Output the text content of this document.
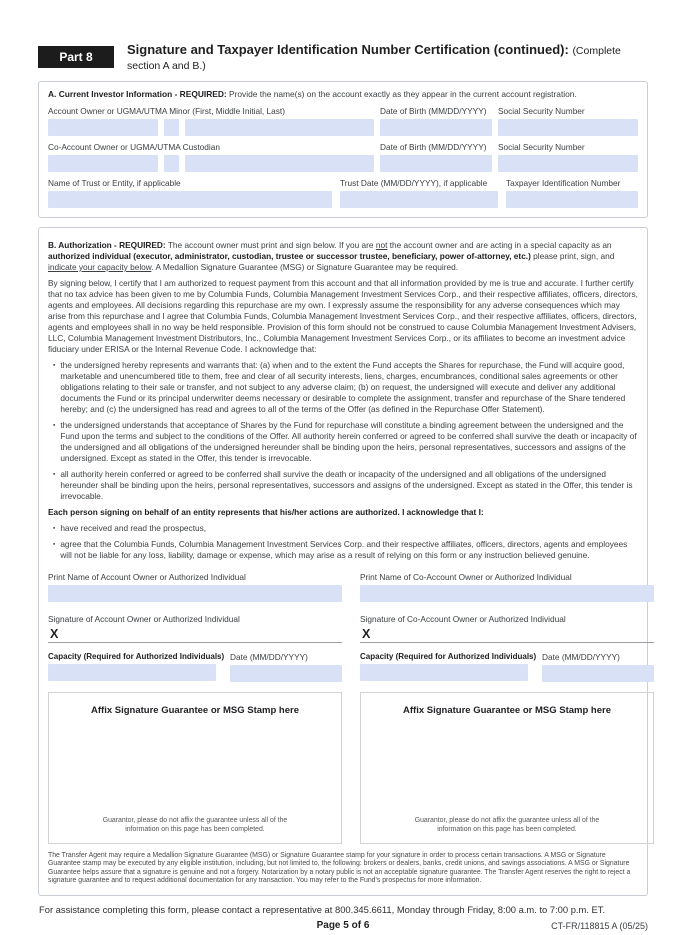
Part 8	Signature and Taxpayer Identification Number Certification (continued): (Complete section A and B.)

A. Current Investor Information - REQUIRED: Provide the name(s) on the account exactly as they appear in the current account registration.

Account Owner or UGMA/UTMA Minor (First, Middle Initial, Last)	Date of Birth (MM/DD/YYYY)	Social Security Number
Co-Account Owner or UGMA/UTMA Custodian	Date of Birth (MM/DD/YYYY)	Social Security Number
Name of Trust or Entity, if applicable	Trust Date (MM/DD/YYYY), if applicable	Taxpayer Identification Number

B. Authorization - REQUIRED: The account owner must print and sign below. If you are not the account owner and are acting in a special capacity as an authorized individual (executor, administrator, custodian, trustee or successor trustee, beneficiary, power of-attorney, etc.) please print, sign, and indicate your capacity below. A Medallion Signature Guarantee (MSG) or Signature Guarantee may be required.

By signing below, I certify that I am authorized to request payment from this account and that all information provided by me is true and accurate. I further certify that no tax advice has been given to me by Columbia Funds, Columbia Management Investment Services Corp., and their respective affiliates, officers, directors, agents and employees. All decisions regarding this repurchase are my own. I expressly assume the responsibility for any adverse consequences which may arise from this repurchase and I agree that Columbia Funds, Columbia Management Investment Services Corp., and their respective affiliates, officers, directors, agents and employees shall in no way be held responsible. Provision of this form should not be construed to cause Columbia Management Investment Advisers, LLC, Columbia Management Investment Distributors, Inc., Columbia Management Investment Services Corp., or its affiliates to become an investment advice fiduciary under ERISA or the Internal Revenue Code. I acknowledge that:

▪ the undersigned hereby represents and warrants that: (a) when and to the extent the Fund accepts the Shares for repurchase, the Fund will acquire good, marketable and unencumbered title to them, free and clear of all security interests, liens, charges, encumbrances, conditional sales agreements or other obligations relating to their sale or transfer, and not subject to any adverse claim; (b) on request, the undersigned will execute and deliver any additional documents the Fund or its principal underwriter deems necessary or desirable to complete the assignment, transfer and repurchase of the Share tendered hereby; and (c) the undersigned has read and agrees to all of the terms of the Offer (as defined in the Repurchase Offer Statement).
▪ the undersigned understands that acceptance of Shares by the Fund for repurchase will constitute a binding agreement between the undersigned and the Fund upon the terms and subject to the conditions of the Offer. All authority herein conferred or agreed to be conferred shall survive the death or incapacity of the undersigned and all obligations of the undersigned hereunder shall be binding upon the heirs, personal representatives, successors and assigns of the undersigned. Except as stated in the Offer, this tender is irrevocable.
▪ all authority herein conferred or agreed to be conferred shall survive the death or incapacity of the undersigned and all obligations of the undersigned hereunder shall be binding upon the heirs, personal representatives, successors and assigns of the undersigned. Except as stated in the Offer, this tender is irrevocable.

Each person signing on behalf of an entity represents that his/her actions are authorized. I acknowledge that I:

▪ have received and read the prospectus,
▪ agree that the Columbia Funds, Columbia Management Investment Services Corp. and their respective affiliates, officers, directors, agents and employees will not be liable for any loss, liability, damage or expense, which may arise as a result of relying on this form or any instruction believed genuine.
Print Name of Account Owner or Authorized Individual
Signature of Account Owner or Authorized Individual
X
Capacity (Required for Authorized Individuals) Date (MM/DD/YYYY)
Affix Signature Guarantee or MSG Stamp here
Guarantor, please do not affix the guarantee unless all of the information on this page has been completed.
Print Name of Co-Account Owner or Authorized Individual
Signature of Co-Account Owner or Authorized Individual
X
Capacity (Required for Authorized Individuals) Date (MM/DD/YYYY)
Affix Signature Guarantee or MSG Stamp here
Guarantor, please do not affix the guarantee unless all of the information on this page has been completed.

The Transfer Agent may require a Medallion Signature Guarantee (MSG) or Signature Guarantee stamp for your signature in order to process certain transactions. A MSG or Signature Guarantee stamp may be executed by any eligible institution, including, but not limited to, the following: brokers or dealers, banks, credit unions, and savings associations. A MSG or Signature Guarantee helps assure that a signature is genuine and not a forgery. Notarization by a notary public is not an acceptable signature guarantee. The Transfer Agent reserves the right to reject a signature guarantee and to request additional documentation for any transaction. You may refer to the Fund's prospectus for more information.

For assistance completing this form, please contact a representative at 800.345.6611, Monday through Friday, 8:00 a.m. to 7:00 p.m. ET.

Page 5 of 6	CT-FR/118815 A (05/25)
